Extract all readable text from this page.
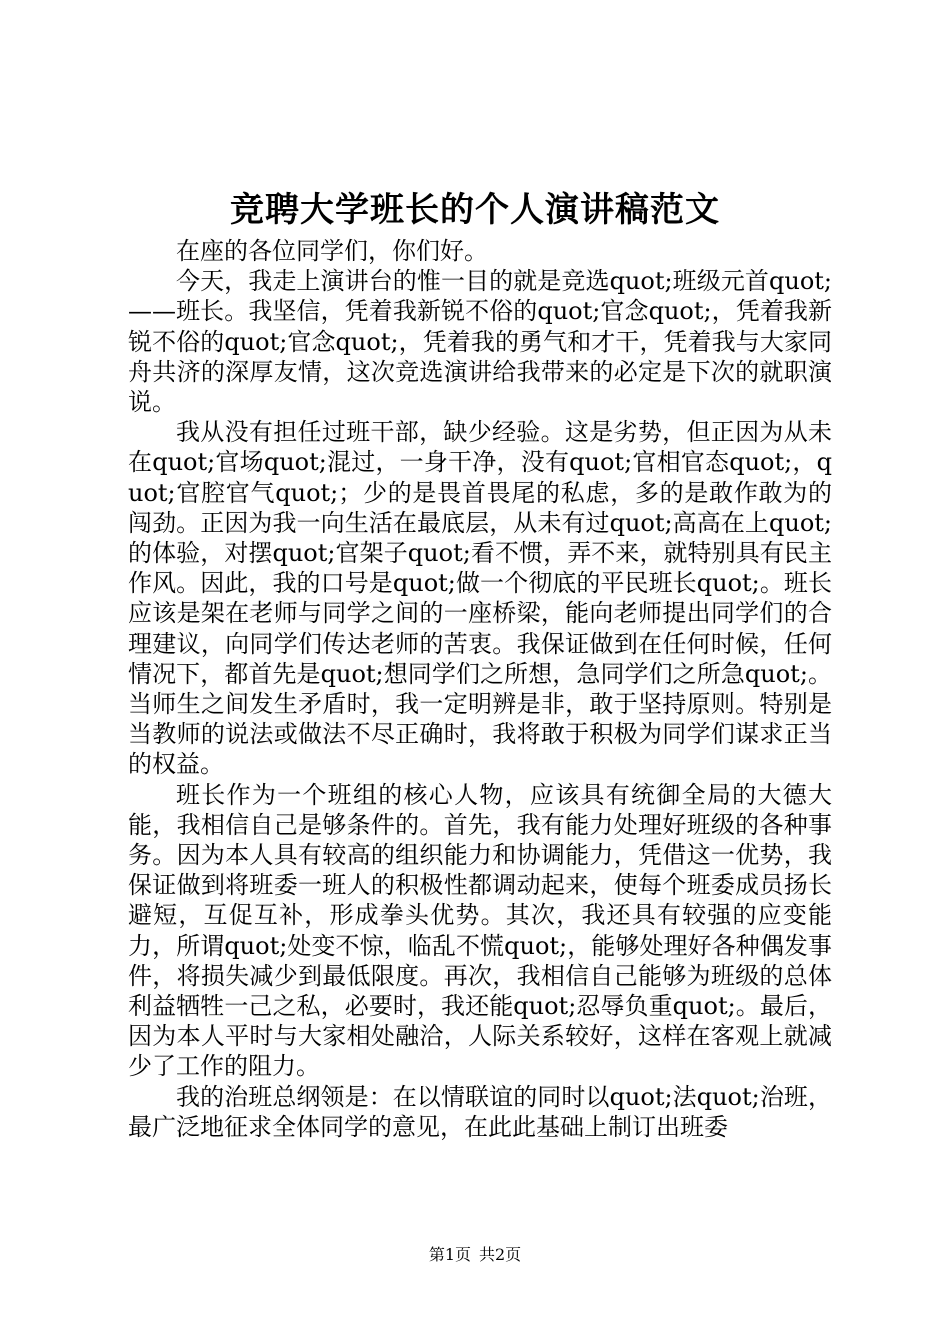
竞聘大学班长的个人演讲稿范文

在座的各位同学们，你们好。

今天，我走上演讲台的惟一目的就是竞选quot;班级元首quot;——班长。我坚信，凭着我新锐不俗的quot;官念quot;，凭着我新锐不俗的quot;官念quot;，凭着我的勇气和才干，凭着我与大家同舟共济的深厚友情，这次竞选演讲给我带来的必定是下次的就职演说。

我从没有担任过班干部，缺少经验。这是劣势，但正因为从未在quot;官场quot;混过，一身干净，没有quot;官相官态quot;，quot;官腔官气quot;；少的是畏首畏尾的私虑，多的是敢作敢为的闯劲。正因为我一向生活在最底层，从未有过quot;高高在上quot;的体验，对摆quot;官架子quot;看不惯，弄不来，就特别具有民主作风。因此，我的口号是quot;做一个彻底的平民班长quot;。班长应该是架在老师与同学之间的一座桥梁，能向老师提出同学们的合理建议，向同学们传达老师的苦衷。我保证做到在任何时候，任何情况下，都首先是quot;想同学们之所想，急同学们之所急quot;。当师生之间发生矛盾时，我一定明辨是非，敢于坚持原则。特别是当教师的说法或做法不尽正确时，我将敢于积极为同学们谋求正当的权益。

班长作为一个班组的核心人物，应该具有统御全局的大德大能，我相信自己是够条件的。首先，我有能力处理好班级的各种事务。因为本人具有较高的组织能力和协调能力，凭借这一优势，我保证做到将班委一班人的积极性都调动起来，使每个班委成员扬长避短，互促互补，形成拳头优势。其次，我还具有较强的应变能力，所谓quot;处变不惊，临乱不慌quot;，能够处理好各种偶发事件，将损失减少到最低限度。再次，我相信自己能够为班级的总体利益牺牲一己之私，必要时，我还能quot;忍辱负重quot;。最后，因为本人平时与大家相处融洽，人际关系较好，这样在客观上就减少了工作的阻力。

我的治班总纲领是：在以情联谊的同时以quot;法quot;治班，最广泛地征求全体同学的意见，在此此基础上制订出班委

第1页 共2页
